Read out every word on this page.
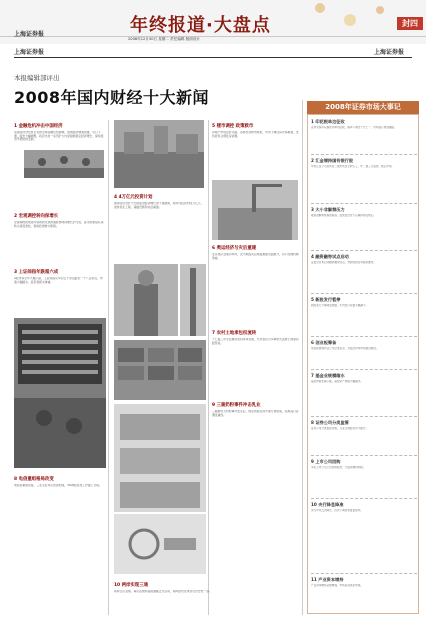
上海证券报	年终报道·大盘点
2008年12月30日 星期二 责任编辑 版面设计
封四
上海证券报	上海证券报
本报编辑部评出
2008年国内财经十大新闻
1 金融危机冲击中国经济
受美国次贷危机引发的全球金融危机影响，我国经济增速放缓，出口下滑，股市大幅调整，政府出台一系列扩大内需措施稳定经济增长，保持经济平稳较快发展。
2 宏观调控转向保增长
宏观调控政策由年初的防过热防通胀转向保增长扩内需，货币政策由从紧转为适度宽松，财政政策转为积极。
3 上证综指年跌超六成
A股市场全年大幅下跌，上证综指从年初五千余点跌至一千八百余点，市值大幅缩水，投资者损失惨重。
8 电信重组格局改变
电信业重组完成，三家全业务运营商形成，3G牌照发放工作提上日程。
4 4万亿元投资计划
国务院出台扩大内需促进经济增长的十项措施，两年内投资约四万亿元，加快民生工程、基础设施和灾后重建。
10 两岸实现三通
两岸空运直航、海运直航和直接通邮正式启动，两岸经贸往来迈出历史性一步。
5 楼市调控 政策救市
房地产市场量价齐跌，各地出台救市政策，中央下调住房交易税费，支持居民合理住房消费。
6 奥运经济与灾后重建
北京奥运会成功举办，汶川地震灾后恢复重建全面展开，对口支援机制形成。
7 农村土地承包权流转
十七届三中全会推进农村改革发展，允许农民以多种形式流转土地承包经营权。
9 三鹿奶粉事件冲击乳业
三鹿婴幼儿奶粉事件发生后，国家质检总局开展专项检查，乳制品行业遭受重创。
2008年证券市场大事记
1 印花税单边征收
证券交易印花税改为单边征收，税率下调至千分之一，市场信心得到提振。
2 汇金增持国有银行股
中央汇金公司宣布在二级市场自主购入工、中、建三行股票，稳定市场。
3 大小非解禁压力
限售股解禁规模创新高，监管层出台大宗减持相关规定。
4 融资融券试点启动
证监会宣布启动融资融券试点，券商创新业务稳步推进。
5 新股发行暂停
新股发行节奏明显放缓，年内发行家数大幅减少。
6 创业板筹备
创业板管理办法公开征求意见，多层次资本市场建设推进。
7 基金业规模缩水
基金净值普遍下跌，基金资产规模大幅缩水。
8 证券公司分类监管
证券公司分类监管实施，行业合规经营水平提升。
9 上市公司回购
多家上市公司公告回购股份，大股东增持积极。
10 央行降息降准
央行年内五次降息、四次下调存款准备金率。
11 产业资本增持
产业资本增持意愿增强，市场底部逐步形成。
